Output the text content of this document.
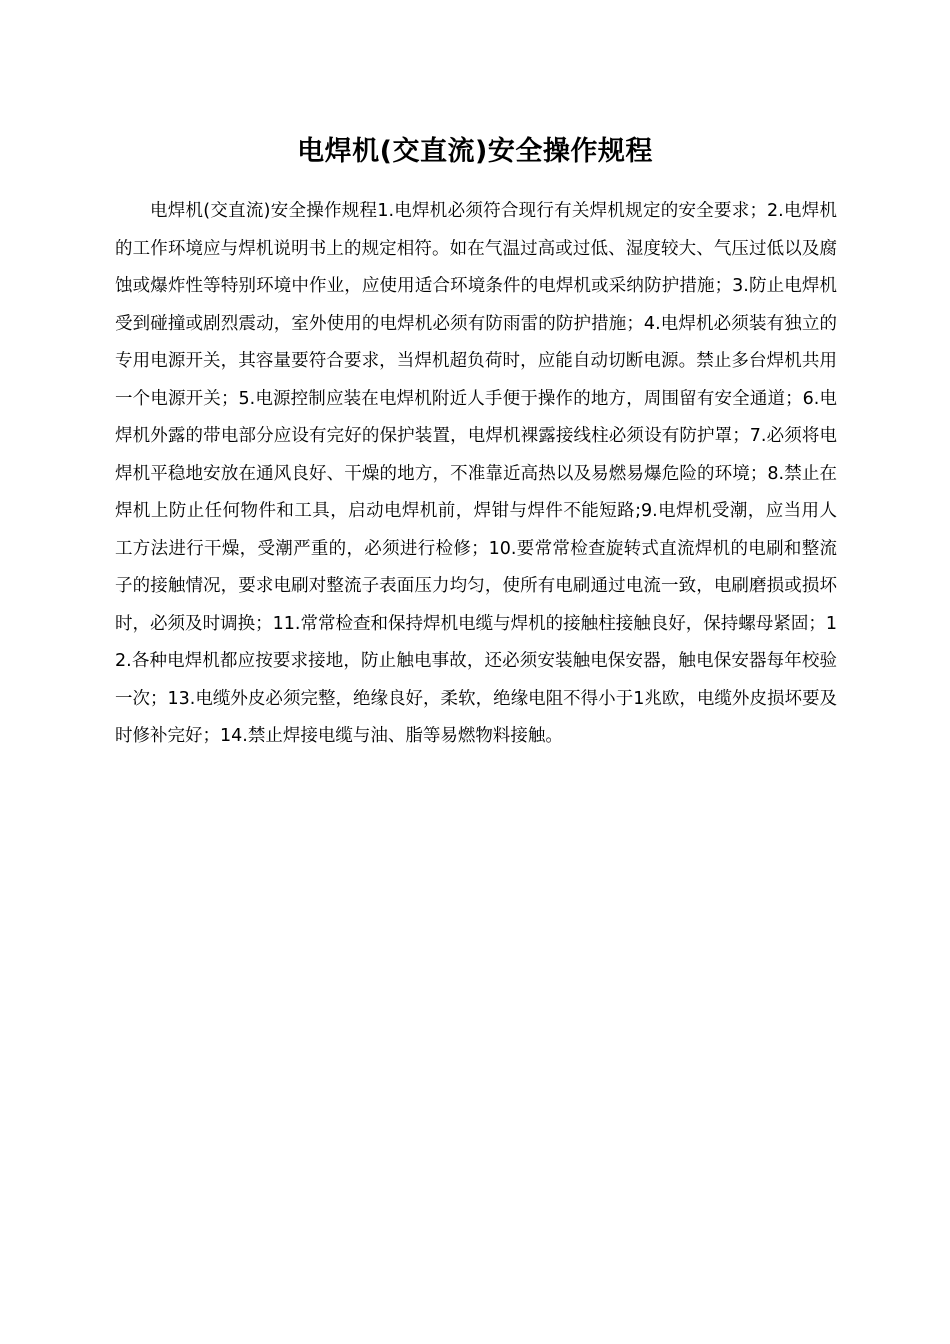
电焊机(交直流)安全操作规程

电焊机(交直流)安全操作规程1.电焊机必须符合现行有关焊机规定的安全要求；2.电焊机的工作环境应与焊机说明书上的规定相符。如在气温过高或过低、湿度较大、气压过低以及腐蚀或爆炸性等特别环境中作业，应使用适合环境条件的电焊机或采纳防护措施；3.防止电焊机受到碰撞或剧烈震动，室外使用的电焊机必须有防雨雷的防护措施；4.电焊机必须装有独立的专用电源开关，其容量要符合要求，当焊机超负荷时，应能自动切断电源。禁止多台焊机共用一个电源开关；5.电源控制应装在电焊机附近人手便于操作的地方，周围留有安全通道；6.电焊机外露的带电部分应设有完好的保护装置，电焊机裸露接线柱必须设有防护罩；7.必须将电焊机平稳地安放在通风良好、干燥的地方，不准靠近高热以及易燃易爆危险的环境；8.禁止在焊机上防止任何物件和工具，启动电焊机前，焊钳与焊件不能短路;9.电焊机受潮，应当用人工方法进行干燥，受潮严重的，必须进行检修；10.要常常检查旋转式直流焊机的电刷和整流子的接触情况，要求电刷对整流子表面压力均匀，使所有电刷通过电流一致，电刷磨损或损坏时，必须及时调换；11.常常检查和保持焊机电缆与焊机的接触柱接触良好，保持螺母紧固；12.各种电焊机都应按要求接地，防止触电事故，还必须安装触电保安器，触电保安器每年校验一次；13.电缆外皮必须完整，绝缘良好，柔软，绝缘电阻不得小于1兆欧，电缆外皮损坏要及时修补完好；14.禁止焊接电缆与油、脂等易燃物料接触。
